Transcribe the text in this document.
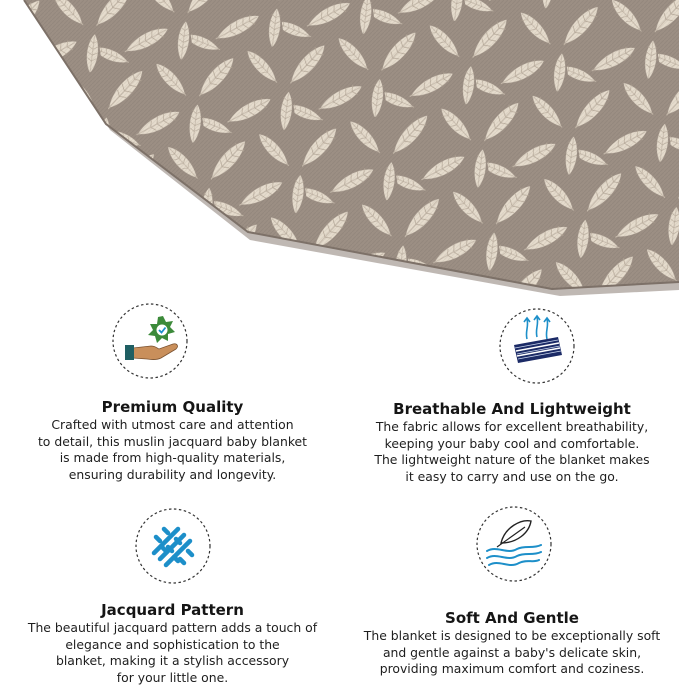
Premium Quality

Crafted with utmost care and attention
to detail, this muslin jacquard baby blanket
is made from high-quality materials,
ensuring durability and longevity.

Breathable And Lightweight

The fabric allows for excellent breathability,
keeping your baby cool and comfortable.
The lightweight nature of the blanket makes
it easy to carry and use on the go.

Jacquard Pattern

The beautiful jacquard pattern adds a touch of
elegance and sophistication to the
blanket, making it a stylish accessory
for your little one.

Soft And Gentle

The blanket is designed to be exceptionally soft
and gentle against a baby's delicate skin,
providing maximum comfort and coziness.
